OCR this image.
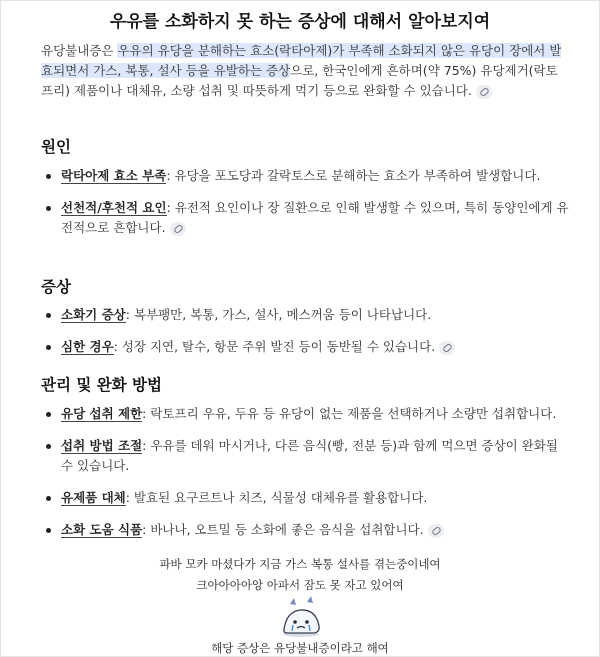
우유를 소화하지 못 하는 증상에 대해서 알아보지여

유당불내증은 우유의 유당을 분해하는 효소(락타아제)가 부족해 소화되지 않은 유당이 장에서 발효되면서 가스, 복통, 설사 등을 유발하는 증상으로, 한국인에게 흔하며(약 75%) 유당제거(락토프리) 제품이나 대체유, 소량 섭취 및 따뜻하게 먹기 등으로 완화할 수 있습니다.

원인
락타아제 효소 부족: 유당을 포도당과 갈락토스로 분해하는 효소가 부족하여 발생합니다.
선천적/후천적 요인: 유전적 요인이나 장 질환으로 인해 발생할 수 있으며, 특히 동양인에게 유전적으로 흔합니다.
증상
소화기 증상: 복부팽만, 복통, 가스, 설사, 메스꺼움 등이 나타납니다.
심한 경우: 성장 지연, 탈수, 항문 주위 발진 등이 동반될 수 있습니다.
관리 및 완화 방법
유당 섭취 제한: 락토프리 우유, 두유 등 유당이 없는 제품을 선택하거나 소량만 섭취합니다.
섭취 방법 조절: 우유를 데워 마시거나, 다른 음식(빵, 전분 등)과 함께 먹으면 증상이 완화될 수 있습니다.
유제품 대체: 발효된 요구르트나 치즈, 식물성 대체유를 활용합니다.
소화 도움 식품: 바나나, 오트밀 등 소화에 좋은 음식을 섭취합니다.
파바 모카 마셨다가 지금 가스 복통 설사를 겪는중이네여
크아아아아앙 아파서 잠도 못 자고 있어여
해당 증상은 유당불내증이라고 해여
